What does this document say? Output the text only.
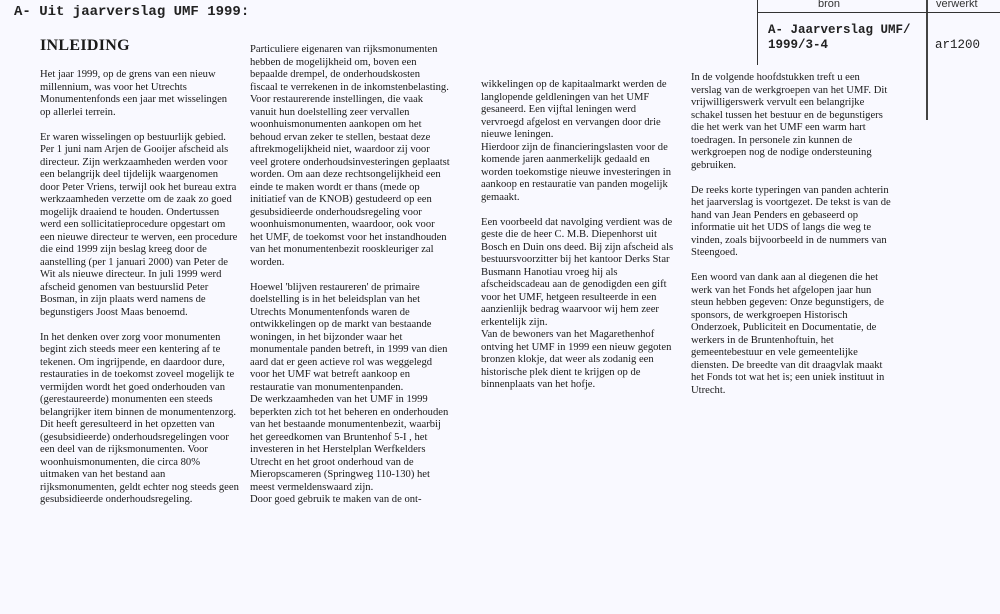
A- Uit jaarverslag UMF 1999:	bron	verwerkt
A- Jaarverslag UMF/
1999/3-4	ar1200
INLEIDING

Het jaar 1999, op de grens van een nieuw millennium, was voor het Utrechts Monumentenfonds een jaar met wisselingen op allerlei terrein.

Er waren wisselingen op bestuurlijk gebied. Per 1 juni nam Arjen de Gooijer afscheid als directeur. Zijn werkzaamheden werden voor een belangrijk deel tijdelijk waargenomen door Peter Vriens, terwijl ook het bureau extra werkzaamheden verzette om de zaak zo goed mogelijk draaiend te houden. Ondertussen werd een sollicitatieprocedure opgestart om een nieuwe directeur te werven, een procedure die eind 1999 zijn beslag kreeg door de aanstelling (per 1 januari 2000) van Peter de Wit als nieuwe directeur. In juli 1999 werd afscheid genomen van bestuurslid Peter Bosman, in zijn plaats werd namens de begunstigers Joost Maas benoemd.

In het denken over zorg voor monumenten begint zich steeds meer een kentering af te tekenen. Om ingrijpende, en daardoor dure, restauraties in de toekomst zoveel mogelijk te vermijden wordt het goed onderhouden van (gerestaureerde) monumenten een steeds belangrijker item binnen de monumentenzorg. Dit heeft geresulteerd in het opzetten van (gesubsidieerde) onderhoudsregelingen voor een deel van de rijksmonumenten. Voor woonhuismonumenten, die circa 80% uitmaken van het bestand aan rijksmonumenten, geldt echter nog steeds geen gesubsidieerde onderhoudsregeling.

Particuliere eigenaren van rijksmonumenten hebben de mogelijkheid om, boven een bepaalde drempel, de onderhoudskosten fiscaal te verrekenen in de inkomstenbelasting. Voor restaurerende instellingen, die vaak vanuit hun doelstelling zeer vervallen woonhuismonumenten aankopen om het behoud ervan zeker te stellen, bestaat deze aftrekmogelijkheid niet, waardoor zij voor veel grotere onderhoudsinvesteringen geplaatst worden. Om aan deze rechtsongelijkheid een einde te maken wordt er thans (mede op initiatief van de KNOB) gestudeerd op een gesubsidieerde onderhoudsregeling voor woonhuismonumenten, waardoor, ook voor het UMF, de toekomst voor het instandhouden van het monumentenbezit rooskleuriger zal worden.

Hoewel 'blijven restaureren' de primaire doelstelling is in het beleidsplan van het Utrechts Monumentenfonds waren de ontwikkelingen op de markt van bestaande woningen, in het bijzonder waar het monumentale panden betreft, in 1999 van dien aard dat er geen actieve rol was weggelegd voor het UMF wat betreft aankoop en restauratie van monumentenpanden.

De werkzaamheden van het UMF in 1999 beperkten zich tot het beheren en onderhouden van het bestaande monumentenbezit, waarbij het gereedkomen van Bruntenhof 5-I , het investeren in het Herstelplan Werfkelders Utrecht en het groot onderhoud van de Mieropscameren (Springweg 110-130) het meest vermeldenswaard zijn.

Door goed gebruik te maken van de ont-

wikkelingen op de kapitaalmarkt werden de langlopende geldleningen van het UMF gesaneerd. Een vijftal leningen werd vervroegd afgelost en vervangen door drie nieuwe leningen.

Hierdoor zijn de financieringslasten voor de komende jaren aanmerkelijk gedaald en worden toekomstige nieuwe investeringen in aankoop en restauratie van panden mogelijk gemaakt.

Een voorbeeld dat navolging verdient was de geste die de heer C. M.B. Diepenhorst uit Bosch en Duin ons deed. Bij zijn afscheid als bestuursvoorzitter bij het kantoor Derks Star Busmann Hanotiau vroeg hij als afscheidscadeau aan de genodigden een gift voor het UMF, hetgeen resulteerde in een aanzienlijk bedrag waarvoor wij hem zeer erkentelijk zijn.

Van de bewoners van het Magarethenhof ontving het UMF in 1999 een nieuw gegoten bronzen klokje, dat weer als zodanig een historische plek dient te krijgen op de binnenplaats van het hofje.

In de volgende hoofdstukken treft u een verslag van de werkgroepen van het UMF. Dit vrijwilligerswerk vervult een belangrijke schakel tussen het bestuur en de begunstigers die het werk van het UMF een warm hart toedragen. In personele zin kunnen de werkgroepen nog de nodige ondersteuning gebruiken.

De reeks korte typeringen van panden achterin het jaarverslag is voortgezet. De tekst is van de hand van Jean Penders en gebaseerd op informatie uit het UDS of langs die weg te vinden, zoals bijvoorbeeld in de nummers van Steengoed.

Een woord van dank aan al diegenen die het werk van het Fonds het afgelopen jaar hun steun hebben gegeven: Onze begunstigers, de sponsors, de werkgroepen Historisch Onderzoek, Publiciteit en Documentatie, de werkers in de Bruntenhoftuin, het gemeentebestuur en vele gemeentelijke diensten. De breedte van dit draagvlak maakt het Fonds tot wat het is; een uniek instituut in Utrecht.
